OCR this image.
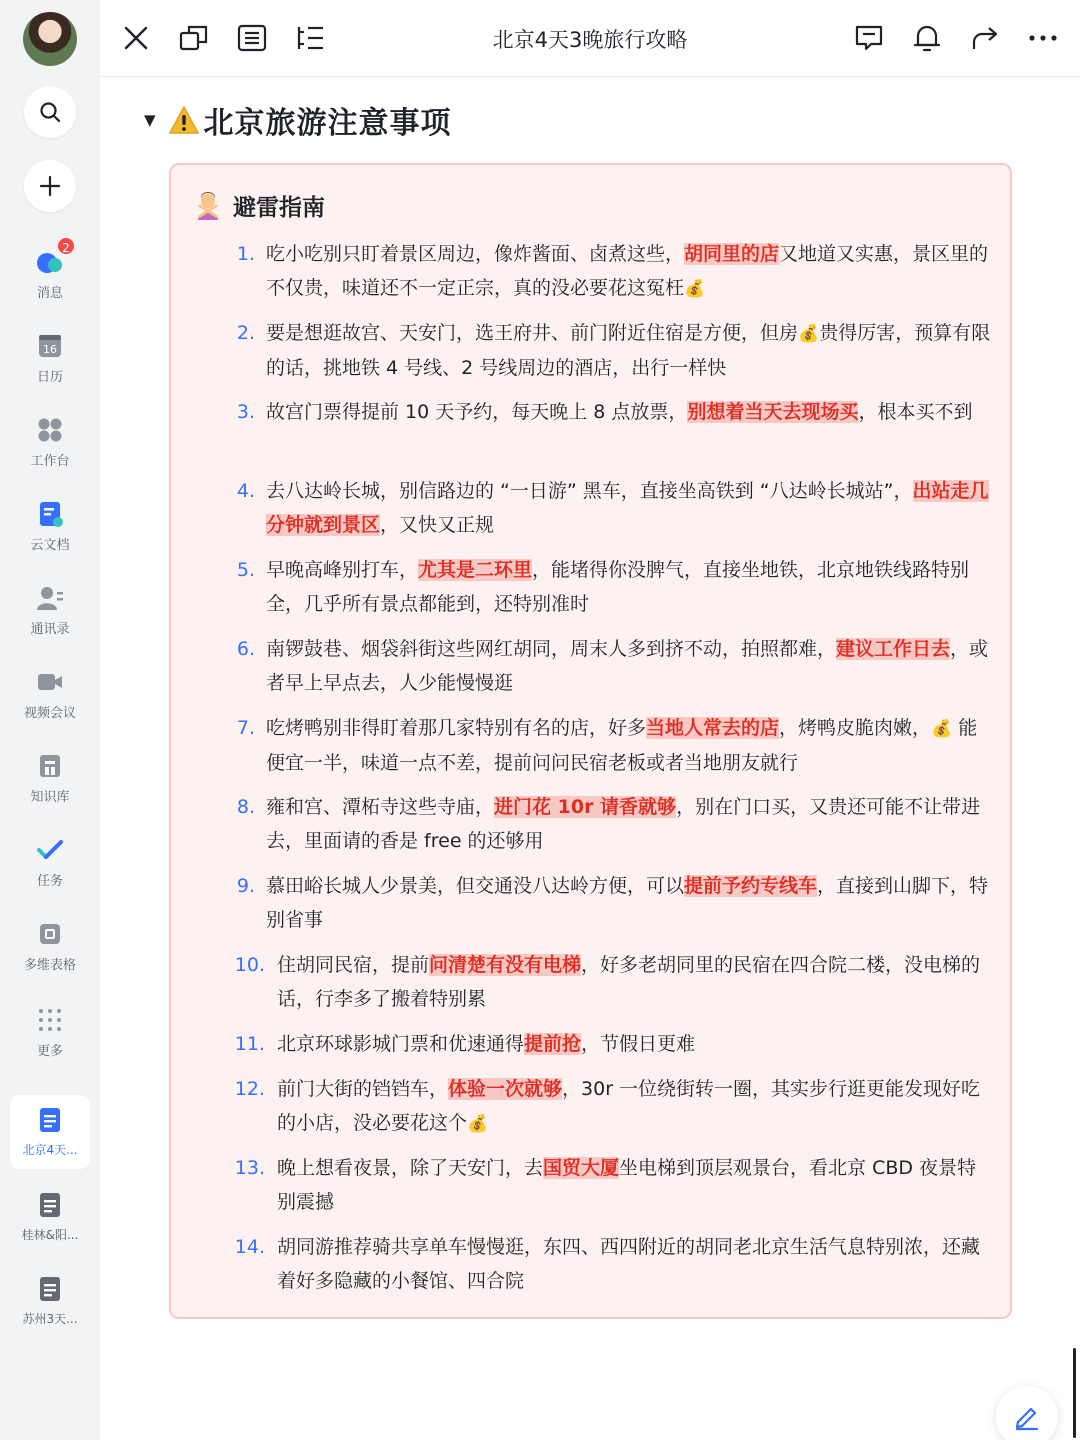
2
消息
16
日历
工作台
云文档
通讯录
视频会议
知识库
任务
多维表格
更多
北京4天...
桂林&阳...
苏州3天...
北京4天3晚旅行攻略
▼ 北京旅游注意事项
避雷指南
1. 吃小吃别只盯着景区周边，像炸酱面、卤煮这些，胡同里的店又地道又实惠，景区里的不仅贵，味道还不一定正宗，真的没必要花这冤枉💰
2. 要是想逛故宫、天安门，选王府井、前门附近住宿是方便，但房💰贵得厉害，预算有限的话，挑地铁 4 号线、2 号线周边的酒店，出行一样快
3. 故宫门票得提前 10 天予约，每天晚上 8 点放票，别想着当天去现场买，根本买不到
4. 去八达岭长城，别信路边的 “一日游” 黑车，直接坐高铁到 “八达岭长城站”，出站走几分钟就到景区，又快又正规
5. 早晚高峰别打车，尤其是二环里，能堵得你没脾气，直接坐地铁，北京地铁线路特别全，几乎所有景点都能到，还特别准时
6. 南锣鼓巷、烟袋斜街这些网红胡同，周末人多到挤不动，拍照都难，建议工作日去，或者早上早点去，人少能慢慢逛
7. 吃烤鸭别非得盯着那几家特别有名的店，好多当地人常去的店，烤鸭皮脆肉嫩，💰 能便宜一半，味道一点不差，提前问问民宿老板或者当地朋友就行
8. 雍和宫、潭柘寺这些寺庙，进门花 10r 请香就够，别在门口买，又贵还可能不让带进去，里面请的香是 free 的还够用
9. 慕田峪长城人少景美，但交通没八达岭方便，可以提前予约专线车，直接到山脚下，特别省事
10. 住胡同民宿，提前问清楚有没有电梯，好多老胡同里的民宿在四合院二楼，没电梯的话，行李多了搬着特别累
11. 北京环球影城门票和优速通得提前抢，节假日更难
12. 前门大街的铛铛车，体验一次就够，30r 一位绕街转一圈，其实步行逛更能发现好吃的小店，没必要花这个💰
13. 晚上想看夜景，除了天安门，去国贸大厦坐电梯到顶层观景台，看北京 CBD 夜景特别震撼
14. 胡同游推荐骑共享单车慢慢逛，东四、西四附近的胡同老北京生活气息特别浓，还藏着好多隐藏的小餐馆、四合院
